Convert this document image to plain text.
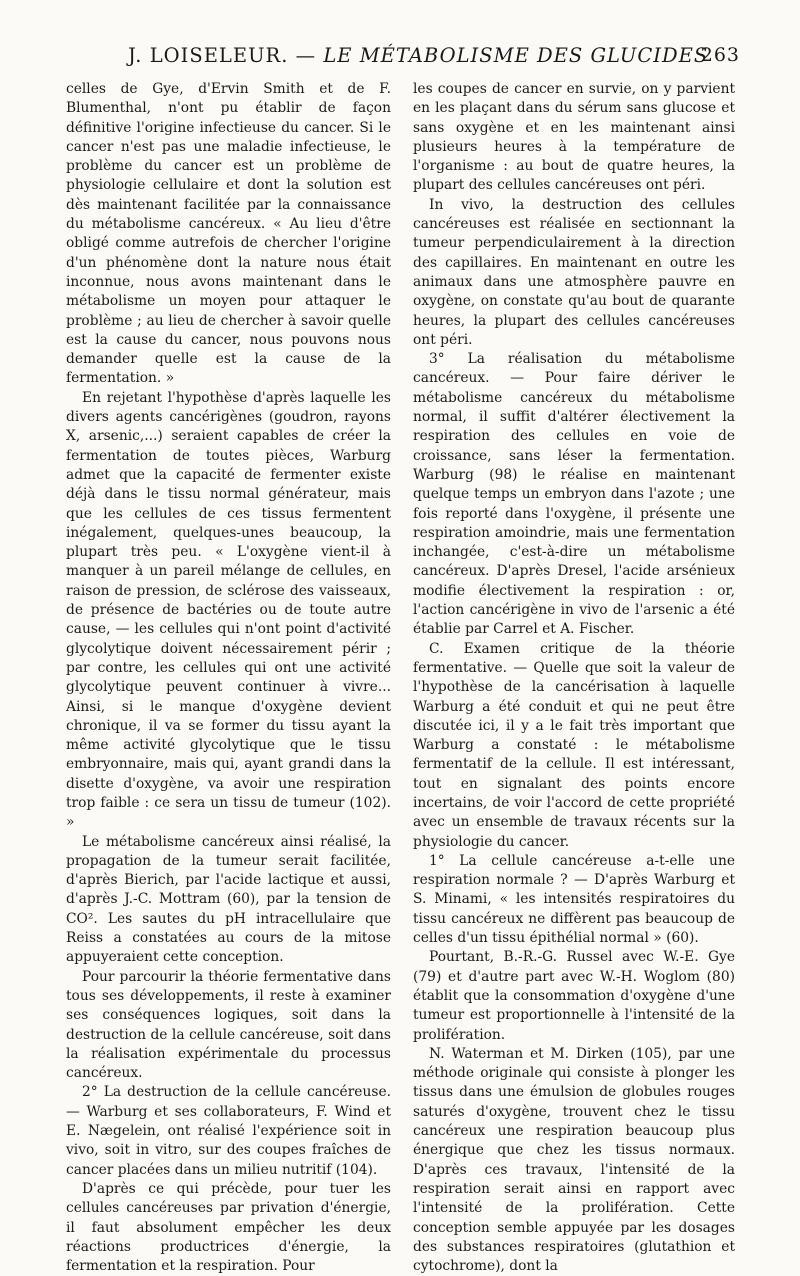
J. LOISELEUR. — LE MÉTABOLISME DES GLUCIDES
263

celles de Gye, d'Ervin Smith et de F. Blumenthal, n'ont pu établir de façon définitive l'origine infectieuse du cancer. Si le cancer n'est pas une maladie infectieuse, le problème du cancer est un problème de physiologie cellulaire et dont la solution est dès maintenant facilitée par la connaissance du métabolisme cancéreux. « Au lieu d'être obligé comme autrefois de chercher l'origine d'un phénomène dont la nature nous était inconnue, nous avons maintenant dans le métabolisme un moyen pour attaquer le problème ; au lieu de chercher à savoir quelle est la cause du cancer, nous pouvons nous demander quelle est la cause de la fermentation. »

En rejetant l'hypothèse d'après laquelle les divers agents cancérigènes (goudron, rayons X, arsenic,...) seraient capables de créer la fermentation de toutes pièces, Warburg admet que la capacité de fermenter existe déjà dans le tissu normal générateur, mais que les cellules de ces tissus fermentent inégalement, quelques-unes beaucoup, la plupart très peu. « L'oxygène vient-il à manquer à un pareil mélange de cellules, en raison de pression, de sclérose des vaisseaux, de présence de bactéries ou de toute autre cause, — les cellules qui n'ont point d'activité glycolytique doivent nécessairement périr ; par contre, les cellules qui ont une activité glycolytique peuvent continuer à vivre... Ainsi, si le manque d'oxygène devient chronique, il va se former du tissu ayant la même activité glycolytique que le tissu embryonnaire, mais qui, ayant grandi dans la disette d'oxygène, va avoir une respiration trop faible : ce sera un tissu de tumeur (102). »

Le métabolisme cancéreux ainsi réalisé, la propagation de la tumeur serait facilitée, d'après Bierich, par l'acide lactique et aussi, d'après J.-C. Mottram (60), par la tension de CO². Les sautes du pH intracellulaire que Reiss a constatées au cours de la mitose appuyeraient cette conception.

Pour parcourir la théorie fermentative dans tous ses développements, il reste à examiner ses conséquences logiques, soit dans la destruction de la cellule cancéreuse, soit dans la réalisation expérimentale du processus cancéreux.

2° La destruction de la cellule cancéreuse. — Warburg et ses collaborateurs, F. Wind et E. Nægelein, ont réalisé l'expérience soit in vivo, soit in vitro, sur des coupes fraîches de cancer placées dans un milieu nutritif (104).

D'après ce qui précède, pour tuer les cellules cancéreuses par privation d'énergie, il faut absolument empêcher les deux réactions productrices d'énergie, la fermentation et la respiration. Pour

les coupes de cancer en survie, on y parvient en les plaçant dans du sérum sans glucose et sans oxygène et en les maintenant ainsi plusieurs heures à la température de l'organisme : au bout de quatre heures, la plupart des cellules cancéreuses ont péri.

In vivo, la destruction des cellules cancéreuses est réalisée en sectionnant la tumeur perpendiculairement à la direction des capillaires. En maintenant en outre les animaux dans une atmosphère pauvre en oxygène, on constate qu'au bout de quarante heures, la plupart des cellules cancéreuses ont péri.

3° La réalisation du métabolisme cancéreux. — Pour faire dériver le métabolisme cancéreux du métabolisme normal, il suffit d'altérer électivement la respiration des cellules en voie de croissance, sans léser la fermentation. Warburg (98) le réalise en maintenant quelque temps un embryon dans l'azote ; une fois reporté dans l'oxygène, il présente une respiration amoindrie, mais une fermentation inchangée, c'est-à-dire un métabolisme cancéreux. D'après Dresel, l'acide arsénieux modifie électivement la respiration : or, l'action cancérigène in vivo de l'arsenic a été établie par Carrel et A. Fischer.

C. Examen critique de la théorie fermentative. — Quelle que soit la valeur de l'hypothèse de la cancérisation à laquelle Warburg a été conduit et qui ne peut être discutée ici, il y a le fait très important que Warburg a constaté : le métabolisme fermentatif de la cellule. Il est intéressant, tout en signalant des points encore incertains, de voir l'accord de cette propriété avec un ensemble de travaux récents sur la physiologie du cancer.

1° La cellule cancéreuse a-t-elle une respiration normale ? — D'après Warburg et S. Minami, « les intensités respiratoires du tissu cancéreux ne diffèrent pas beaucoup de celles d'un tissu épithélial normal » (60).

Pourtant, B.-R.-G. Russel avec W.-E. Gye (79) et d'autre part avec W.-H. Woglom (80) établit que la consommation d'oxygène d'une tumeur est proportionnelle à l'intensité de la prolifération.

N. Waterman et M. Dirken (105), par une méthode originale qui consiste à plonger les tissus dans une émulsion de globules rouges saturés d'oxygène, trouvent chez le tissu cancéreux une respiration beaucoup plus énergique que chez les tissus normaux. D'après ces travaux, l'intensité de la respiration serait ainsi en rapport avec l'intensité de la prolifération. Cette conception semble appuyée par les dosages des substances respiratoires (glutathion et cytochrome), dont la
